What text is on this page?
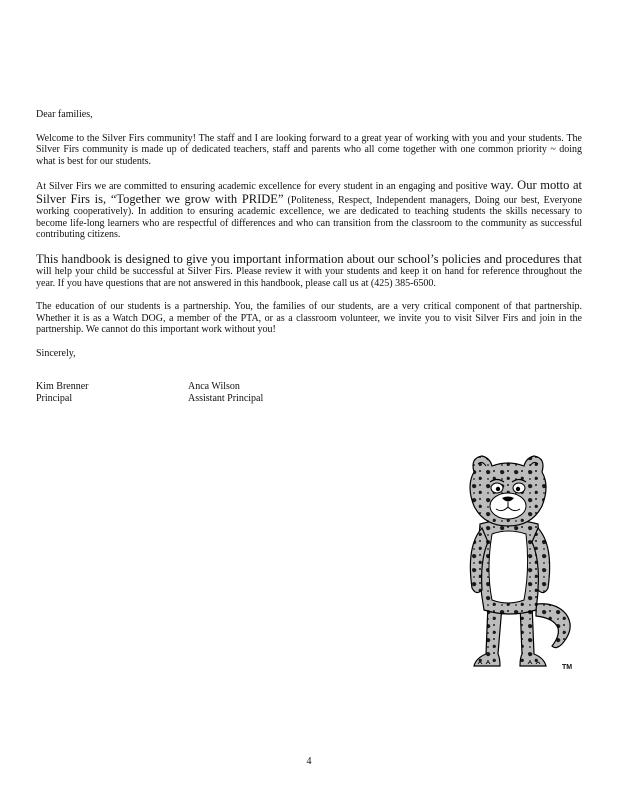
Dear families,

Welcome to the Silver Firs community! The staff and I are looking forward to a great year of working with you and your students. The Silver Firs community is made up of dedicated teachers, staff and parents who all come together with one common priority ~ doing what is best for our students.

At Silver Firs we are committed to ensuring academic excellence for every student in an engaging and positive way. Our motto at Silver Firs is, “Together we grow with PRIDE” (Politeness, Respect, Independent managers, Doing our best, Everyone working cooperatively). In addition to ensuring academic excellence, we are dedicated to teaching students the skills necessary to become life-long learners who are respectful of differences and who can transition from the classroom to the community as successful contributing citizens.

This handbook is designed to give you important information about our school’s policies and procedures that will help your child be successful at Silver Firs. Please review it with your students and keep it on hand for reference throughout the year. If you have questions that are not answered in this handbook, please call us at (425) 385-6500.

The education of our students is a partnership. You, the families of our students, are a very critical component of that partnership. Whether it is as a Watch DOG, a member of the PTA, or as a classroom volunteer, we invite you to visit Silver Firs and join in the partnership. We cannot do this important work without you!

Sincerely,

Kim Brenner
Principal
Anca Wilson
Assistant Principal
TM
4
